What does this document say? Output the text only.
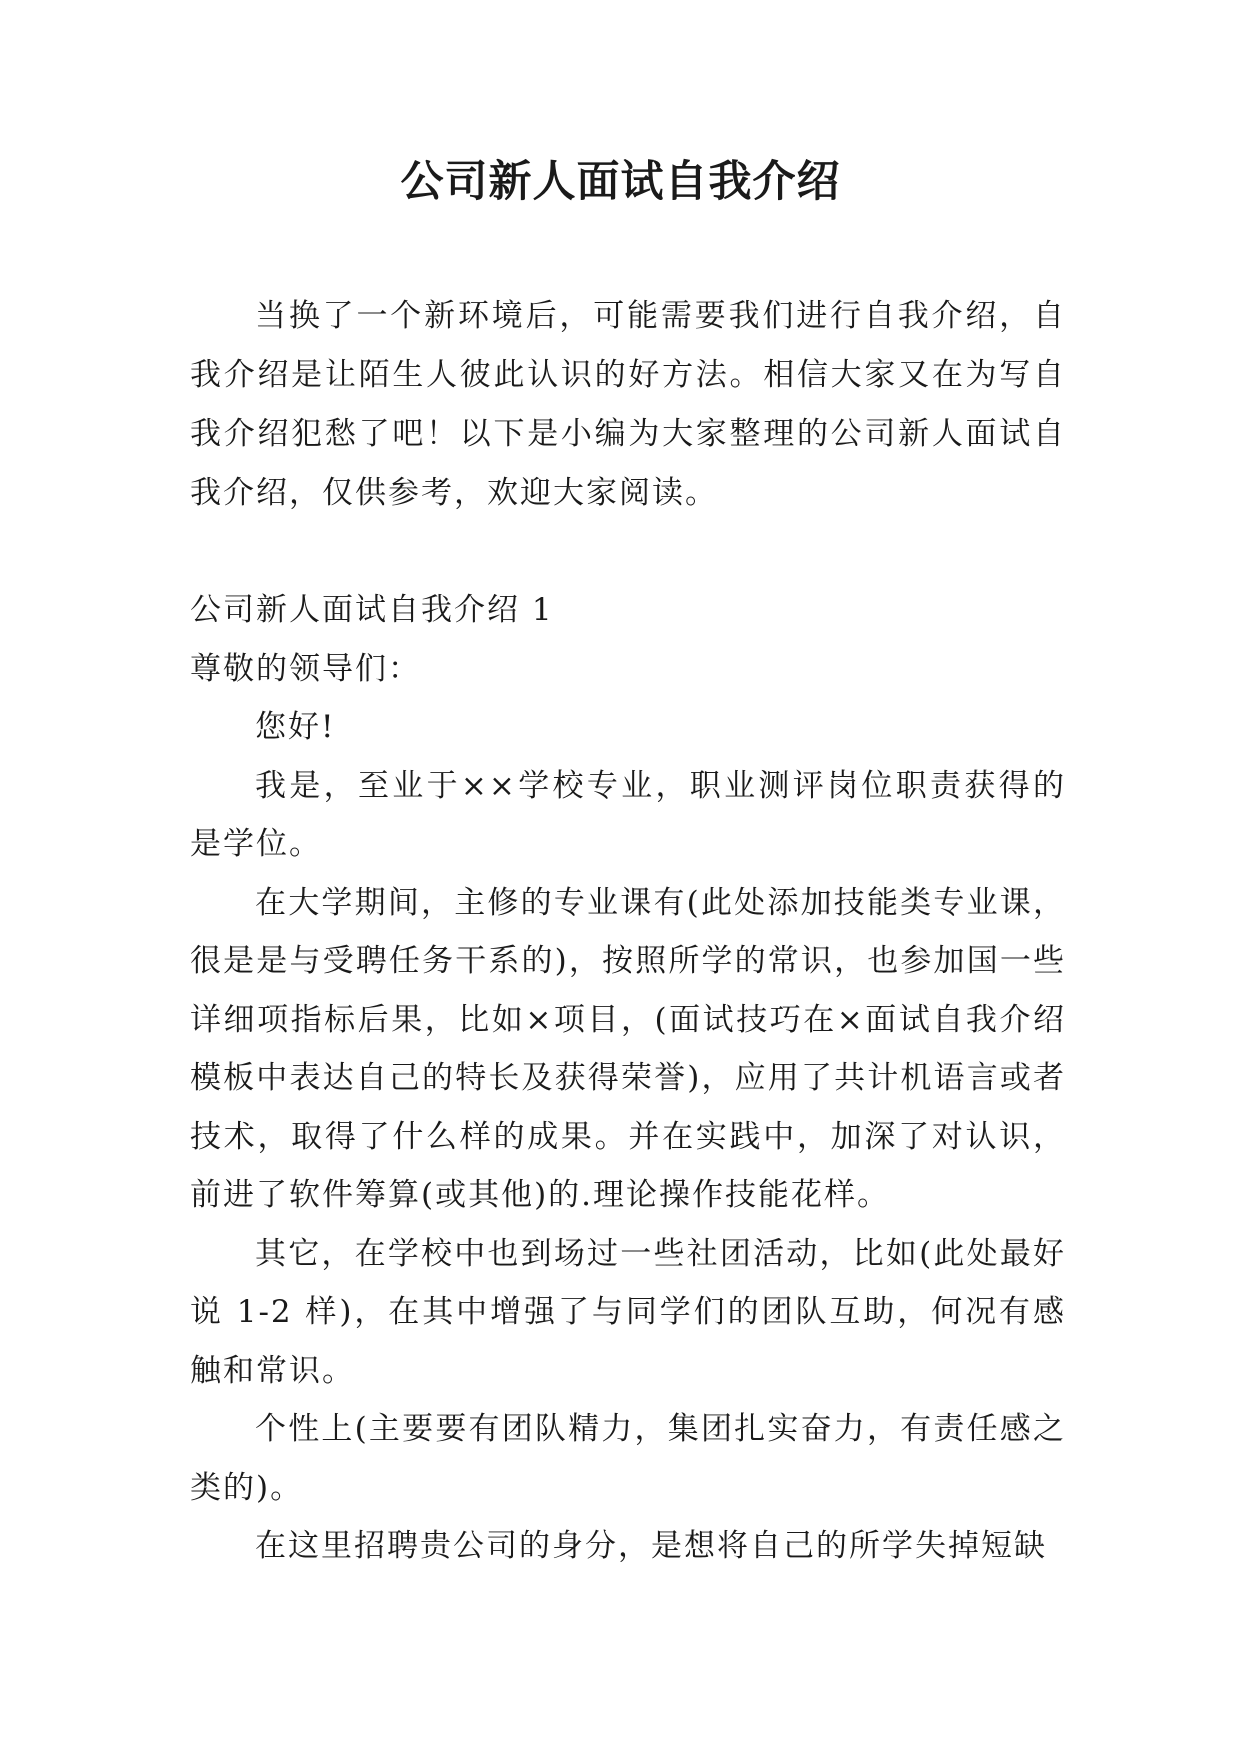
公司新人面试自我介绍

当换了一个新环境后，可能需要我们进行自我介绍，自我介绍是让陌生人彼此认识的好方法。相信大家又在为写自我介绍犯愁了吧！以下是小编为大家整理的公司新人面试自我介绍，仅供参考，欢迎大家阅读。

公司新人面试自我介绍 1

尊敬的领导们：

您好!

我是，至业于××学校专业，职业测评岗位职责获得的是学位。

在大学期间，主修的专业课有(此处添加技能类专业课，很是是与受聘任务干系的)，按照所学的常识，也参加国一些详细项指标后果，比如×项目，(面试技巧在×面试自我介绍模板中表达自己的特长及获得荣誉)，应用了共计机语言或者技术，取得了什么样的成果。并在实践中，加深了对认识，前进了软件筹算(或其他)的.理论操作技能花样。

其它，在学校中也到场过一些社团活动，比如(此处最好说 1-2 样)，在其中增强了与同学们的团队互助，何况有感触和常识。

个性上(主要要有团队精力，集团扎实奋力，有责任感之类的)。

在这里招聘贵公司的身分，是想将自己的所学失掉短缺
